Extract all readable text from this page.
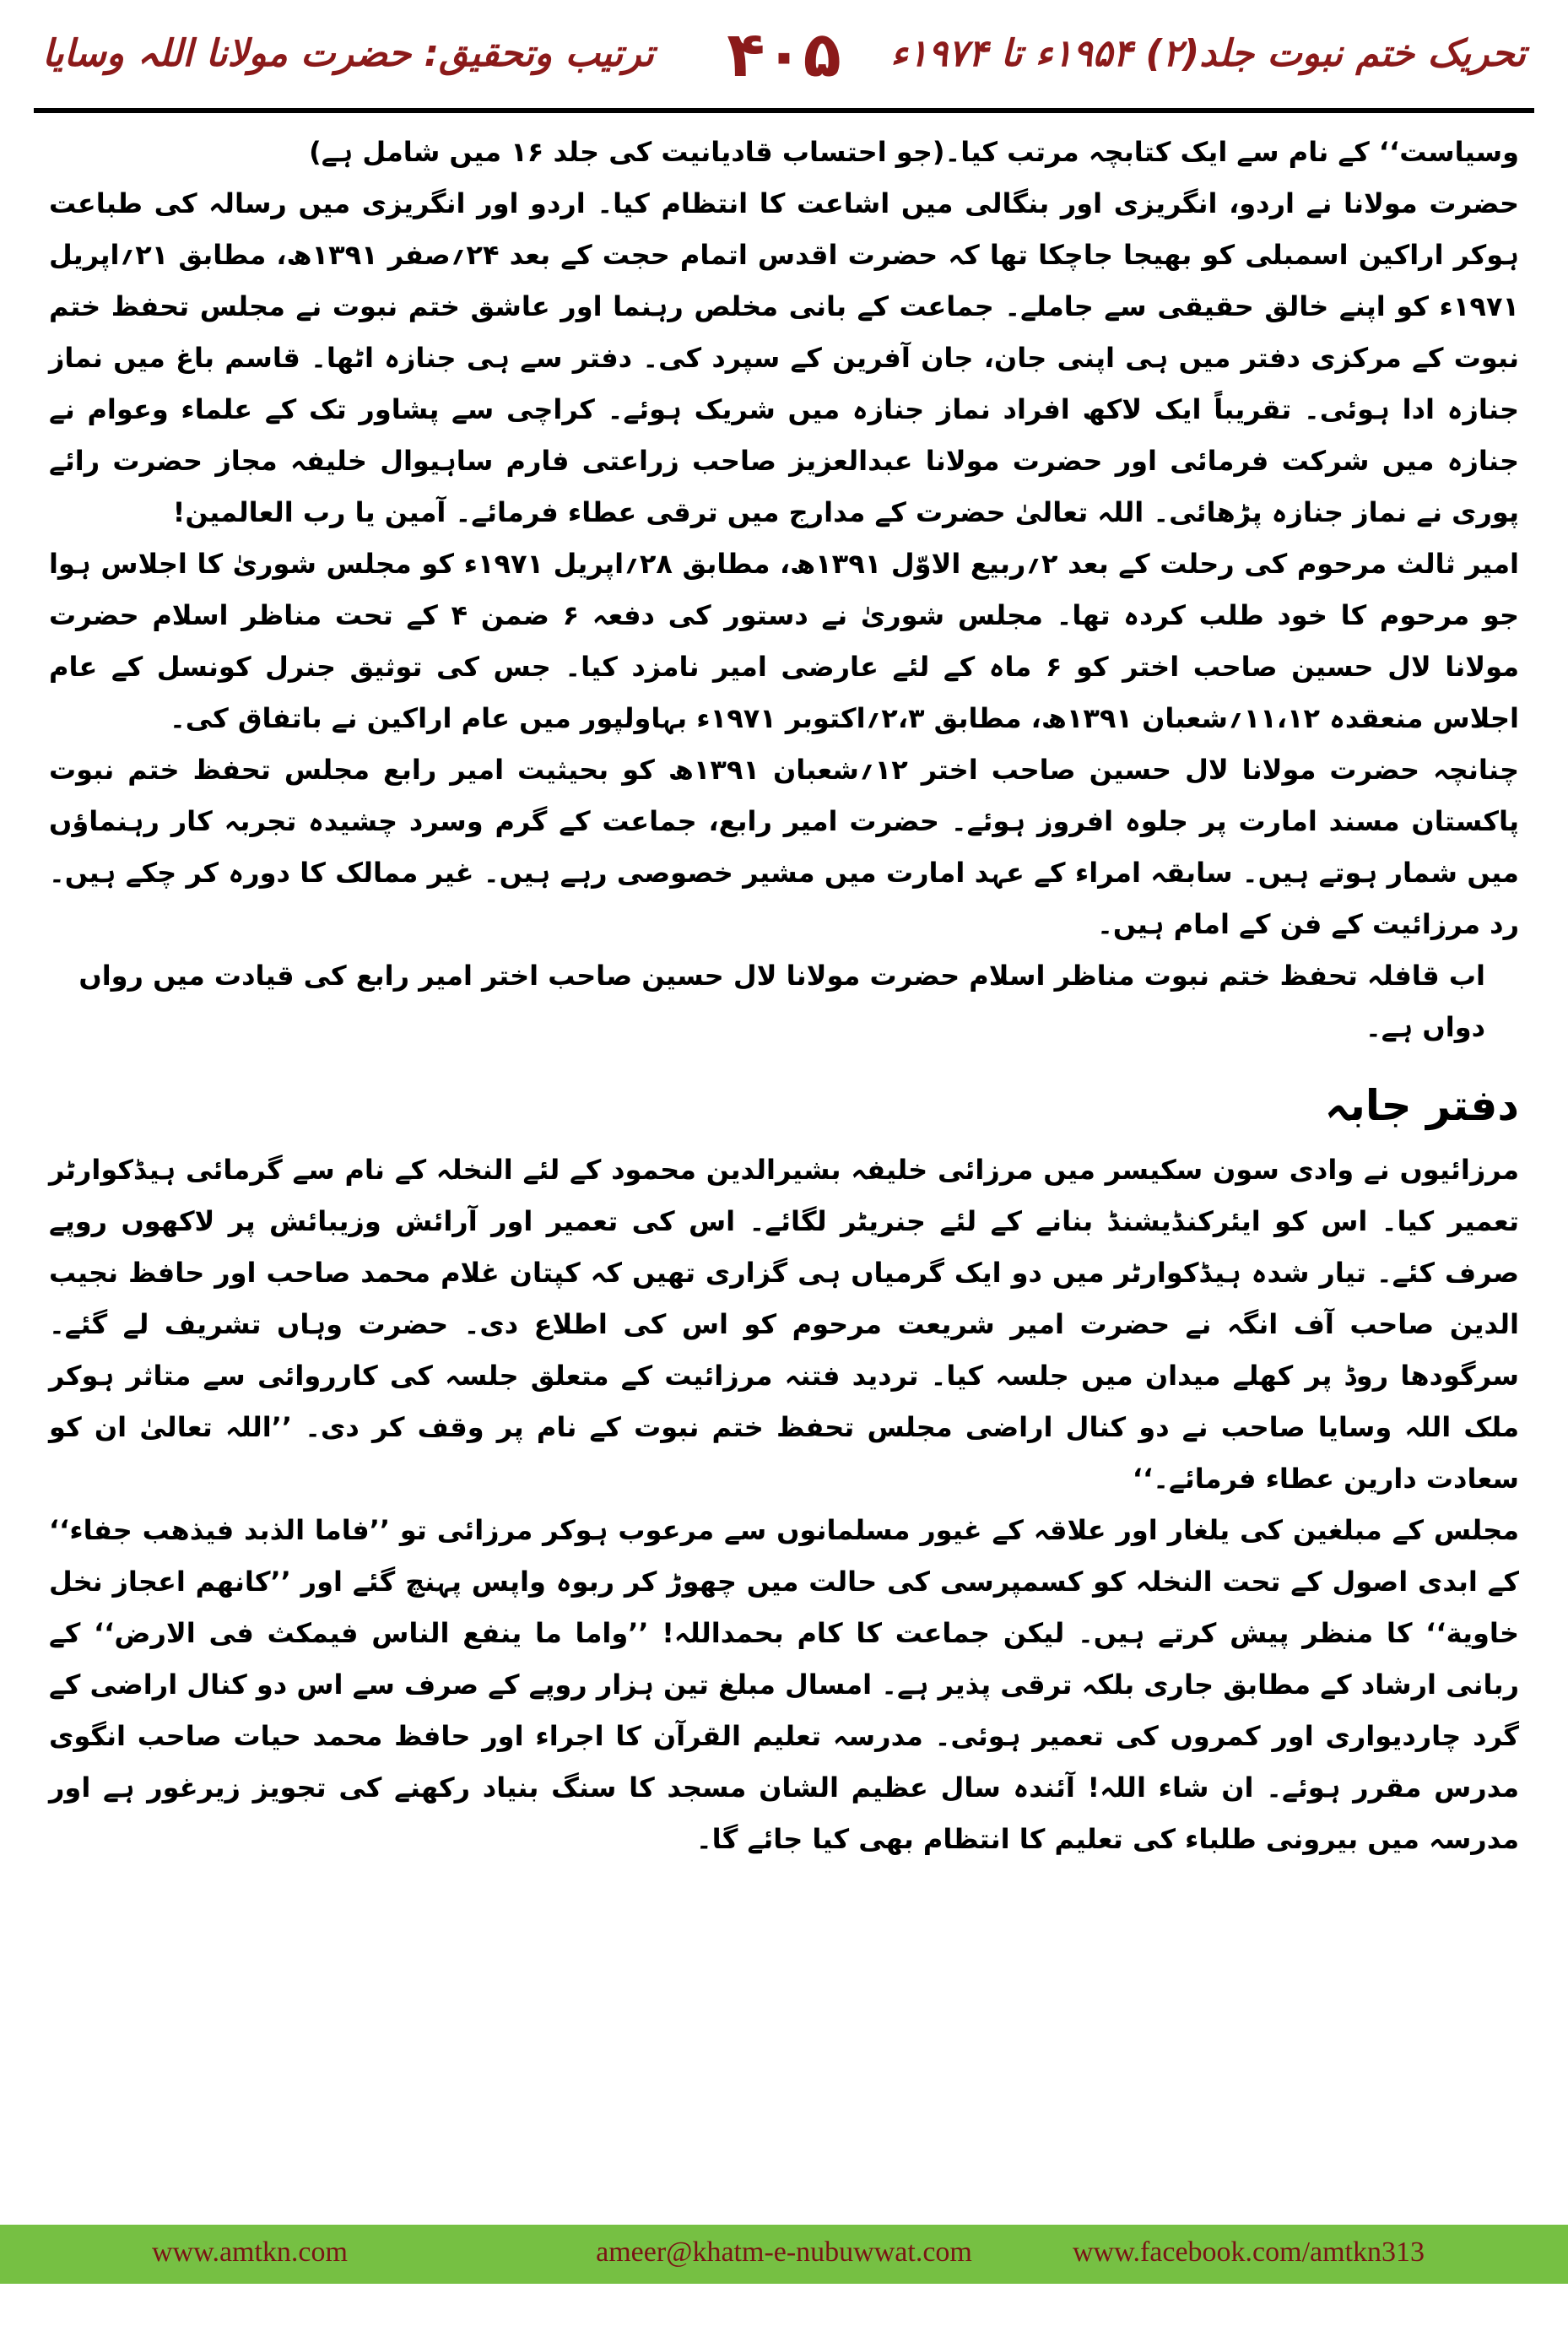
تحریک ختم نبوت جلد(۲) ۱۹۵۴ء تا ۱۹۷۴ء
۴۰۵
ترتیب وتحقیق: حضرت مولانا اللہ وسایا

وسیاست‘‘ کے نام سے ایک کتابچہ مرتب کیا۔(جو احتساب قادیانیت کی جلد ۱۶ میں شامل ہے)

حضرت مولانا نے اردو، انگریزی اور بنگالی میں اشاعت کا انتظام کیا۔ اردو اور انگریزی میں رسالہ کی طباعت ہوکر اراکین اسمبلی کو بھیجا جاچکا تھا کہ حضرت اقدس اتمام حجت کے بعد ۲۴؍صفر ۱۳۹۱ھ، مطابق ۲۱؍اپریل ۱۹۷۱ء کو اپنے خالق حقیقی سے جاملے۔ جماعت کے بانی مخلص رہنما اور عاشق ختم نبوت نے مجلس تحفظ ختم نبوت کے مرکزی دفتر میں ہی اپنی جان، جان آفرین کے سپرد کی۔ دفتر سے ہی جنازہ اٹھا۔ قاسم باغ میں نماز جنازہ ادا ہوئی۔ تقریباً ایک لاکھ افراد نماز جنازہ میں شریک ہوئے۔ کراچی سے پشاور تک کے علماء وعوام نے جنازہ میں شرکت فرمائی اور حضرت مولانا عبدالعزیز صاحب زراعتی فارم ساہیوال خلیفہ مجاز حضرت رائے پوری نے نماز جنازہ پڑھائی۔ اللہ تعالیٰ حضرت کے مدارج میں ترقی عطاء فرمائے۔ آمین یا رب العالمین!

امیر ثالث مرحوم کی رحلت کے بعد ۲؍ربیع الاوّل ۱۳۹۱ھ، مطابق ۲۸؍اپریل ۱۹۷۱ء کو مجلس شوریٰ کا اجلاس ہوا جو مرحوم کا خود طلب کردہ تھا۔ مجلس شوریٰ نے دستور کی دفعہ ۶ ضمن ۴ کے تحت مناظر اسلام حضرت مولانا لال حسین صاحب اختر کو ۶ ماہ کے لئے عارضی امیر نامزد کیا۔ جس کی توثیق جنرل کونسل کے عام اجلاس منعقدہ ۱۱،۱۲؍شعبان ۱۳۹۱ھ، مطابق ۲،۳؍اکتوبر ۱۹۷۱ء بہاولپور میں عام اراکین نے باتفاق کی۔

چنانچہ حضرت مولانا لال حسین صاحب اختر ۱۲؍شعبان ۱۳۹۱ھ کو بحیثیت امیر رابع مجلس تحفظ ختم نبوت پاکستان مسند امارت پر جلوہ افروز ہوئے۔ حضرت امیر رابع، جماعت کے گرم وسرد چشیدہ تجربہ کار رہنماؤں میں شمار ہوتے ہیں۔ سابقہ امراء کے عہد امارت میں مشیر خصوصی رہے ہیں۔ غیر ممالک کا دورہ کر چکے ہیں۔ رد مرزائیت کے فن کے امام ہیں۔

اب قافلہ تحفظ ختم نبوت مناظر اسلام حضرت مولانا لال حسین صاحب اختر امیر رابع کی قیادت میں رواں دواں ہے۔

دفتر جابہ

مرزائیوں نے وادی سون سکیسر میں مرزائی خلیفہ بشیرالدین محمود کے لئے النخلہ کے نام سے گرمائی ہیڈکوارٹر تعمیر کیا۔ اس کو ایئرکنڈیشنڈ بنانے کے لئے جنریٹر لگائے۔ اس کی تعمیر اور آرائش وزیبائش پر لاکھوں روپے صرف کئے۔ تیار شدہ ہیڈکوارٹر میں دو ایک گرمیاں ہی گزاری تھیں کہ کپتان غلام محمد صاحب اور حافظ نجیب الدین صاحب آف انگہ نے حضرت امیر شریعت مرحوم کو اس کی اطلاع دی۔ حضرت وہاں تشریف لے گئے۔ سرگودھا روڈ پر کھلے میدان میں جلسہ کیا۔ تردید فتنہ مرزائیت کے متعلق جلسہ کی کارروائی سے متاثر ہوکر ملک اللہ وسایا صاحب نے دو کنال اراضی مجلس تحفظ ختم نبوت کے نام پر وقف کر دی۔ ’’اللہ تعالیٰ ان کو سعادت دارین عطاء فرمائے۔‘‘

مجلس کے مبلغین کی یلغار اور علاقہ کے غیور مسلمانوں سے مرعوب ہوکر مرزائی تو ’’فاما الذبد فیذھب جفاء‘‘ کے ابدی اصول کے تحت النخلہ کو کسمپرسی کی حالت میں چھوڑ کر ربوہ واپس پہنچ گئے اور ’’کانھم اعجاز نخل خاویة‘‘ کا منظر پیش کرتے ہیں۔ لیکن جماعت کا کام بحمداللہ! ’’واما ما ینفع الناس فیمکث فی الارض‘‘ کے ربانی ارشاد کے مطابق جاری بلکہ ترقی پذیر ہے۔ امسال مبلغ تین ہزار روپے کے صرف سے اس دو کنال اراضی کے گرد چاردیواری اور کمروں کی تعمیر ہوئی۔ مدرسہ تعلیم القرآن کا اجراء اور حافظ محمد حیات صاحب انگوی مدرس مقرر ہوئے۔ ان شاء اللہ! آئندہ سال عظیم الشان مسجد کا سنگ بنیاد رکھنے کی تجویز زیرغور ہے اور مدرسہ میں بیرونی طلباء کی تعلیم کا انتظام بھی کیا جائے گا۔

www.amtkn.com	ameer@khatm-e-nubuwwat.com	www.facebook.com/amtkn313
